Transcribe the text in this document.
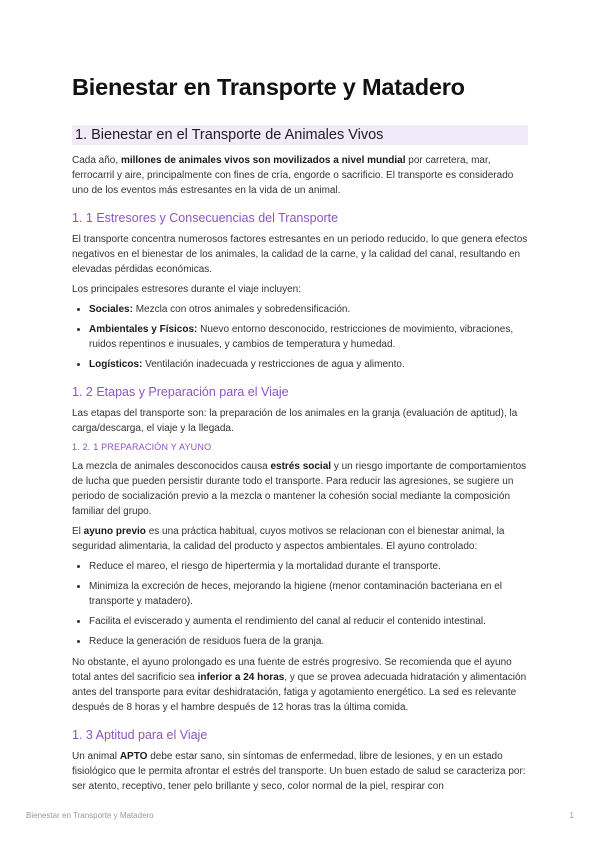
Bienestar en Transporte y Matadero
1. Bienestar en el Transporte de Animales Vivos

Cada año, millones de animales vivos son movilizados a nivel mundial por carretera, mar, ferrocarril y aire, principalmente con fines de cría, engorde o sacrificio. El transporte es considerado uno de los eventos más estresantes en la vida de un animal.

1. 1 Estresores y Consecuencias del Transporte

El transporte concentra numerosos factores estresantes en un periodo reducido, lo que genera efectos negativos en el bienestar de los animales, la calidad de la carne, y la calidad del canal, resultando en elevadas pérdidas económicas.

Los principales estresores durante el viaje incluyen:

• Sociales: Mezcla con otros animales y sobredensificación.
• Ambientales y Físicos: Nuevo entorno desconocido, restricciones de movimiento, vibraciones, ruidos repentinos e inusuales, y cambios de temperatura y humedad.
• Logísticos: Ventilación inadecuada y restricciones de agua y alimento.
1. 2 Etapas y Preparación para el Viaje

Las etapas del transporte son: la preparación de los animales en la granja (evaluación de aptitud), la carga/descarga, el viaje y la llegada.

1. 2. 1 PREPARACIÓN Y AYUNO

La mezcla de animales desconocidos causa estrés social y un riesgo importante de comportamientos de lucha que pueden persistir durante todo el transporte. Para reducir las agresiones, se sugiere un periodo de socialización previo a la mezcla o mantener la cohesión social mediante la composición familiar del grupo.

El ayuno previo es una práctica habitual, cuyos motivos se relacionan con el bienestar animal, la seguridad alimentaria, la calidad del producto y aspectos ambientales. El ayuno controlado:

• Reduce el mareo, el riesgo de hipertermia y la mortalidad durante el transporte.
• Minimiza la excreción de heces, mejorando la higiene (menor contaminación bacteriana en el transporte y matadero).
• Facilita el eviscerado y aumenta el rendimiento del canal al reducir el contenido intestinal.
• Reduce la generación de residuos fuera de la granja.

No obstante, el ayuno prolongado es una fuente de estrés progresivo. Se recomienda que el ayuno total antes del sacrificio sea inferior a 24 horas, y que se provea adecuada hidratación y alimentación antes del transporte para evitar deshidratación, fatiga y agotamiento energético. La sed es relevante después de 8 horas y el hambre después de 12 horas tras la última comida.

1. 3 Aptitud para el Viaje

Un animal APTO debe estar sano, sin síntomas de enfermedad, libre de lesiones, y en un estado fisiológico que le permita afrontar el estrés del transporte. Un buen estado de salud se caracteriza por: ser atento, receptivo, tener pelo brillante y seco, color normal de la piel, respirar con

Bienestar en Transporte y Matadero	1
